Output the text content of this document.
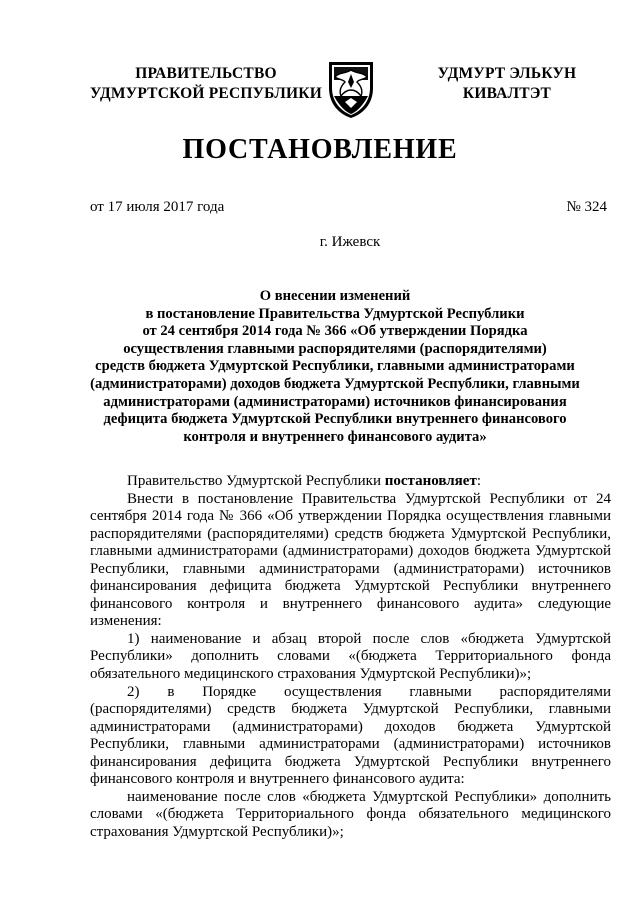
ПРАВИТЕЛЬСТВО
УДМУРТСКОЙ РЕСПУБЛИКИ
УДМУРТ ЭЛЬКУН
КИВАЛТЭТ
ПОСТАНОВЛЕНИЕ
от 17 июля 2017 года	№ 324
г. Ижевск
О внесении изменений
в постановление Правительства Удмуртской Республики
от 24 сентября 2014 года № 366 «Об утверждении Порядка
осуществления главными распорядителями (распорядителями)
средств бюджета Удмуртской Республики, главными администраторами
(администраторами) доходов бюджета Удмуртской Республики, главными
администраторами (администраторами) источников финансирования
дефицита бюджета Удмуртской Республики внутреннего финансового
контроля и внутреннего финансового аудита»

Правительство Удмуртской Республики постановляет:

Внести в постановление Правительства Удмуртской Республики от 24 сентября 2014 года № 366 «Об утверждении Порядка осуществления главными распорядителями (распорядителями) средств бюджета Удмуртской Республики, главными администраторами (администраторами) доходов бюджета Удмуртской Республики, главными администраторами (администраторами) источников финансирования дефицита бюджета Удмуртской Республики внутреннего финансового контроля и внутреннего финансового аудита» следующие изменения:

1) наименование и абзац второй после слов «бюджета Удмуртской Республики» дополнить словами «(бюджета Территориального фонда обязательного медицинского страхования Удмуртской Республики)»;

2) в Порядке осуществления главными распорядителями (распорядителями) средств бюджета Удмуртской Республики, главными администраторами (администраторами) доходов бюджета Удмуртской Республики, главными администраторами (администраторами) источников финансирования дефицита бюджета Удмуртской Республики внутреннего финансового контроля и внутреннего финансового аудита:

наименование после слов «бюджета Удмуртской Республики» дополнить словами «(бюджета Территориального фонда обязательного медицинского страхования Удмуртской Республики)»;
